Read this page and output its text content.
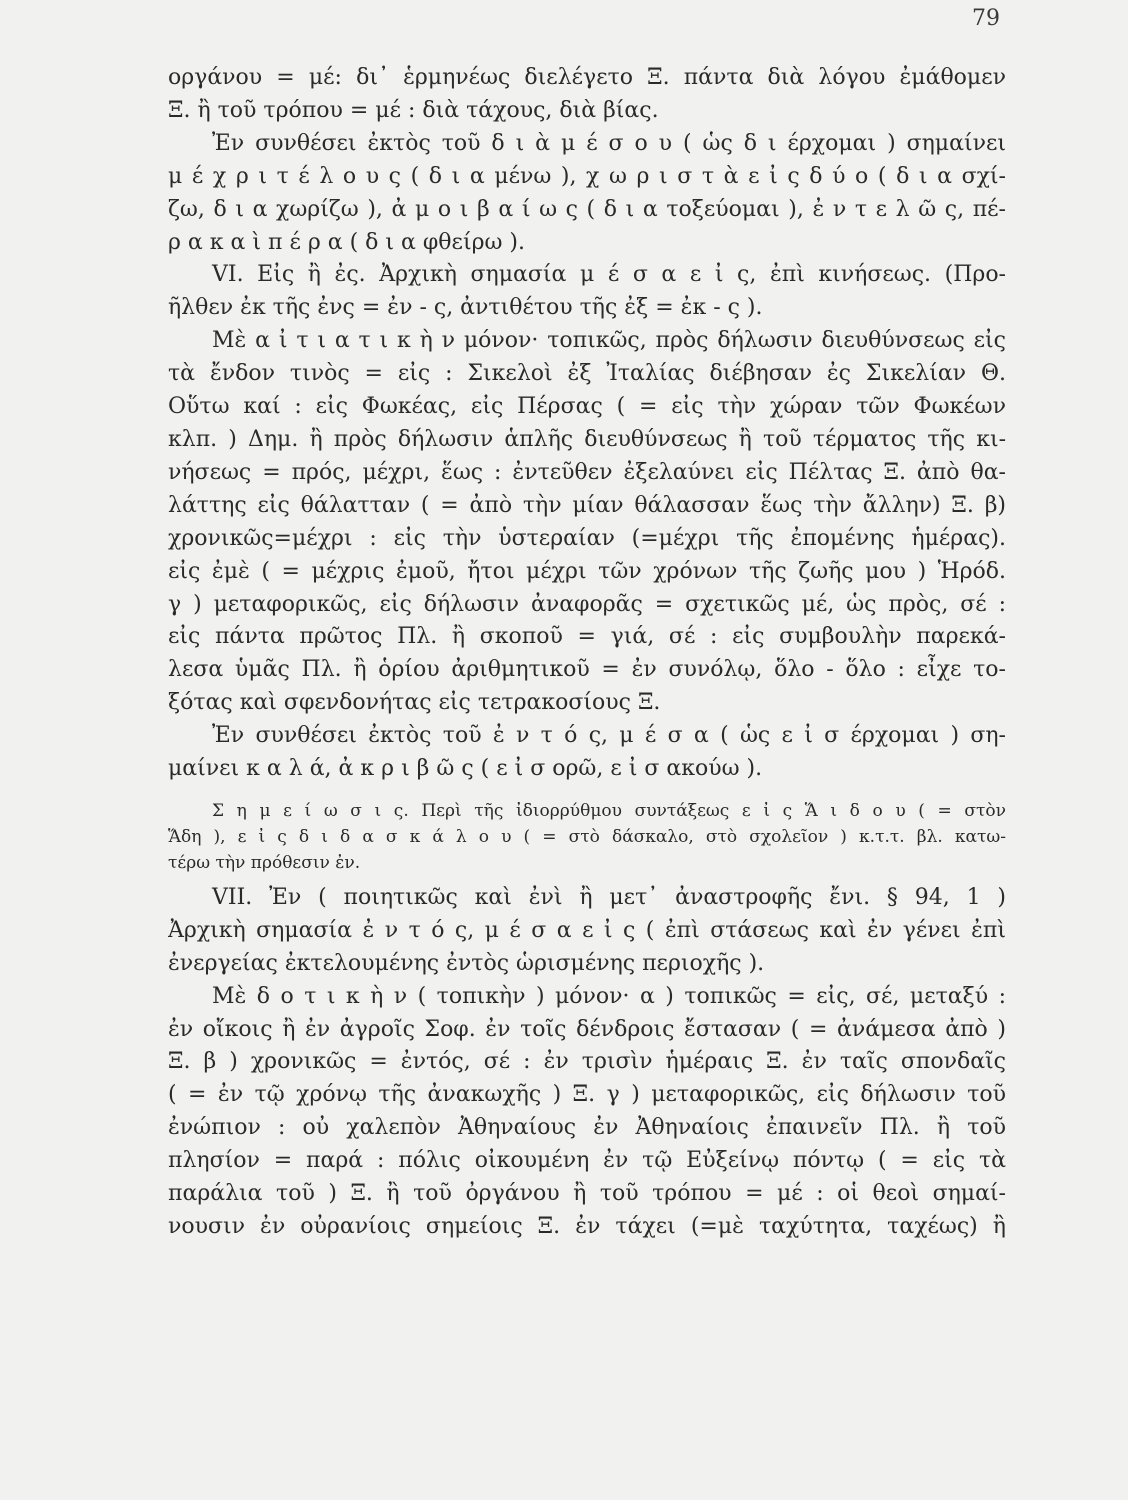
79
οργάνου = μέ: δι᾽ ἑρμηνέως διελέγετο Ξ. πάντα διὰ λόγου ἐμάθομεν
Ξ. ἢ τοῦ τρόπου = μέ : διὰ τάχους, διὰ βίας.
Ἐν συνθέσει ἐκτὸς τοῦ δ ι ὰ μ έ σ ο υ ( ὡς δ ι έρχομαι ) σημαίνει
μ έ χ ρ ι τ έ λ ο υ ς ( δ ι α μένω ), χ ω ρ ι σ τ ὰ ε ἰ ς δ ύ ο ( δ ι α σχί-
ζω, δ ι α χωρίζω ), ἀ μ ο ι β α ί ω ς ( δ ι α τοξεύομαι ), ἐ ν τ ε λ ῶ ς, πέ-
ρ α κ α ὶ π έ ρ α ( δ ι α φθείρω ).
VI. Εἰς ἢ ἐς. Ἀρχικὴ σημασία μ έ σ α ε ἰ ς, ἐπὶ κινήσεως. (Προ-
ῆλθεν ἐκ τῆς ἐνς = ἐν - ς, ἀντιθέτου τῆς ἐξ = ἐκ - ς ).
Μὲ α ἰ τ ι α τ ι κ ὴ ν μόνον· τοπικῶς, πρὸς δήλωσιν διευθύνσεως εἰς
τὰ ἔνδον τινὸς = εἰς : Σικελοὶ ἐξ Ἰταλίας διέβησαν ἐς Σικελίαν Θ.
Οὕτω καί : εἰς Φωκέας, εἰς Πέρσας ( = εἰς τὴν χώραν τῶν Φωκέων
κλπ. ) Δημ. ἢ πρὸς δήλωσιν ἁπλῆς διευθύνσεως ἢ τοῦ τέρματος τῆς κι-
νήσεως = πρός, μέχρι, ἕως : ἐντεῦθεν ἐξελαύνει εἰς Πέλτας Ξ. ἀπὸ θα-
λάττης εἰς θάλατταν ( = ἀπὸ τὴν μίαν θάλασσαν ἕως τὴν ἄλλην) Ξ. β)
χρονικῶς=μέχρι : εἰς τὴν ὑστεραίαν (=μέχρι τῆς ἐπομένης ἡμέρας).
εἰς ἐμὲ ( = μέχρις ἐμοῦ, ἤτοι μέχρι τῶν χρόνων τῆς ζωῆς μου ) Ἡρόδ.
γ ) μεταφορικῶς, εἰς δήλωσιν ἀναφορᾶς = σχετικῶς μέ, ὡς πρὸς, σέ :
εἰς πάντα πρῶτος Πλ. ἢ σκοποῦ = γιά, σέ : εἰς συμβουλὴν παρεκά-
λεσα ὑμᾶς Πλ. ἢ ὁρίου ἀριθμητικοῦ = ἐν συνόλῳ, ὅλο - ὅλο : εἶχε το-
ξότας καὶ σφενδονήτας εἰς τετρακοσίους Ξ.
Ἐν συνθέσει ἐκτὸς τοῦ ἐ ν τ ό ς, μ έ σ α ( ὡς ε ἰ σ έρχομαι ) ση-
μαίνει κ α λ ά, ἀ κ ρ ι β ῶ ς ( ε ἰ σ ορῶ, ε ἰ σ ακούω ).
Σ η μ ε ί ω σ ι ς. Περὶ τῆς ἰδιορρύθμου συντάξεως ε ἰ ς Ἅ ι δ ο υ ( = στὸν
Ἅδη ), ε ἰ ς δ ι δ α σ κ ά λ ο υ ( = στὸ δάσκαλο, στὸ σχολεῖον ) κ.τ.τ. βλ. κατω-
τέρω τὴν πρόθεσιν ἐν.
VII. Ἐν ( ποιητικῶς καὶ ἐνὶ ἢ μετ᾽ ἀναστροφῆς ἔνι. § 94, 1 )
Ἀρχικὴ σημασία ἐ ν τ ό ς, μ έ σ α ε ἰ ς ( ἐπὶ στάσεως καὶ ἐν γένει ἐπὶ
ἐνεργείας ἐκτελουμένης ἐντὸς ὡρισμένης περιοχῆς ).
Μὲ δ ο τ ι κ ὴ ν ( τοπικὴν ) μόνον· α ) τοπικῶς = εἰς, σέ, μεταξύ :
ἐν οἴκοις ἢ ἐν ἀγροῖς Σοφ. ἐν τοῖς δένδροις ἔστασαν ( = ἀνάμεσα ἀπὸ )
Ξ. β ) χρονικῶς = ἐντός, σέ : ἐν τρισὶν ἡμέραις Ξ. ἐν ταῖς σπονδαῖς
( = ἐν τῷ χρόνῳ τῆς ἀνακωχῆς ) Ξ. γ ) μεταφορικῶς, εἰς δήλωσιν τοῦ
ἐνώπιον : οὐ χαλεπὸν Ἀθηναίους ἐν Ἀθηναίοις ἐπαινεῖν Πλ. ἢ τοῦ
πλησίον = παρά : πόλις οἰκουμένη ἐν τῷ Εὐξείνῳ πόντῳ ( = εἰς τὰ
παράλια τοῦ ) Ξ. ἢ τοῦ ὀργάνου ἢ τοῦ τρόπου = μέ : οἱ θεοὶ σημαί-
νουσιν ἐν οὐρανίοις σημείοις Ξ. ἐν τάχει (=μὲ ταχύτητα, ταχέως) ἢ
